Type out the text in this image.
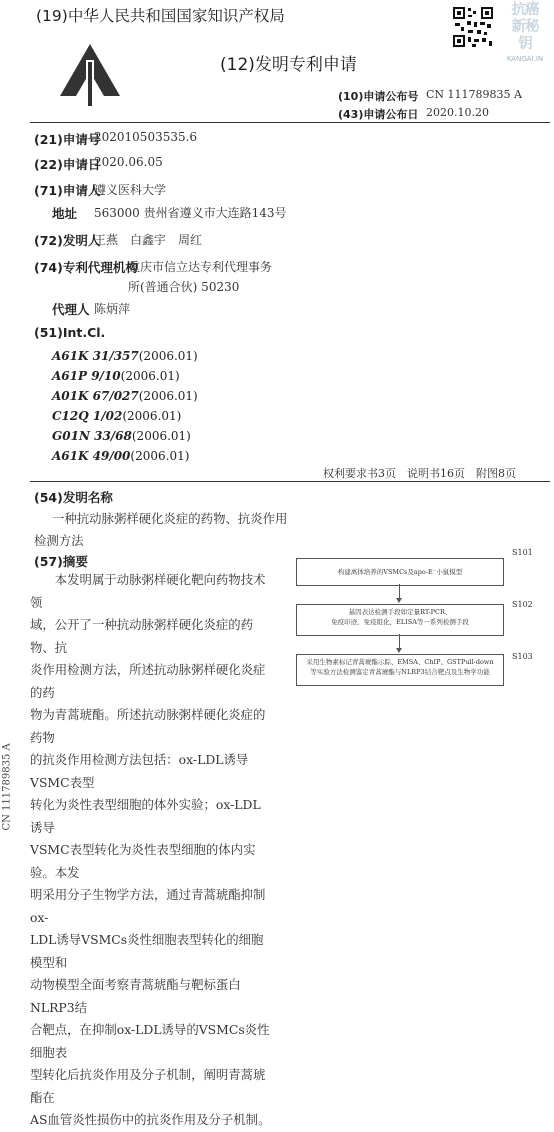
(19)中华人民共和国国家知识产权局	抗癌新秘钥
KANGAI.IN
(12)发明专利申请
(10)申请公布号 CN 111789835 A
(43)申请公布日 2020.10.20
(21)申请号
202010503535.6
(22)申请日
2020.06.05
(71)申请人
遵义医科大学
地址 563000 贵州省遵义市大连路143号
(72)发明人
王燕　白鑫宇　周红
(74)专利代理机构
重庆市信立达专利代理事务
所(普通合伙) 50230
代理人 陈炳萍
(51)Int.Cl.
A61K 31/357(2006.01)
A61P 9/10(2006.01)
A01K 67/027(2006.01)
C12Q 1/02(2006.01)
G01N 33/68(2006.01)
A61K 49/00(2006.01)
权利要求书3页　说明书16页　附图8页
(54)发明名称
一种抗动脉粥样硬化炎症的药物、抗炎作用
检测方法
(57)摘要
　　本发明属于动脉粥样硬化靶向药物技术领
域，公开了一种抗动脉粥样硬化炎症的药物、抗
炎作用检测方法，所述抗动脉粥样硬化炎症的药
物为青蒿琥酯。所述抗动脉粥样硬化炎症的药物
的抗炎作用检测方法包括：ox-LDL诱导VSMC表型
转化为炎性表型细胞的体外实验；ox-LDL诱导
VSMC表型转化为炎性表型细胞的体内实验。本发
明采用分子生物学方法，通过青蒿琥酯抑制ox-
LDL诱导VSMCs炎性细胞表型转化的细胞模型和
动物模型全面考察青蒿琥酯与靶标蛋白NLRP3结
合靶点，在抑制ox-LDL诱导的VSMCs炎性细胞表
型转化后抗炎作用及分子机制，阐明青蒿琥酯在
AS血管炎性损伤中的抗炎作用及分子机制。
S101
构建离体培养的VSMCs及apo-E⁻小鼠模型
S102
基因表达检测手段如定量RT-PCR、
免疫印迹，免疫组化，ELISA等一系列检测手段
S103
采用生物素标记青蒿琥酯示踪、EMSA、ChIP、GSTPull-down
等实验方法检测鉴定青蒿琥酯与NLRP3结合靶点及生物学功能
CN 111789835 A
